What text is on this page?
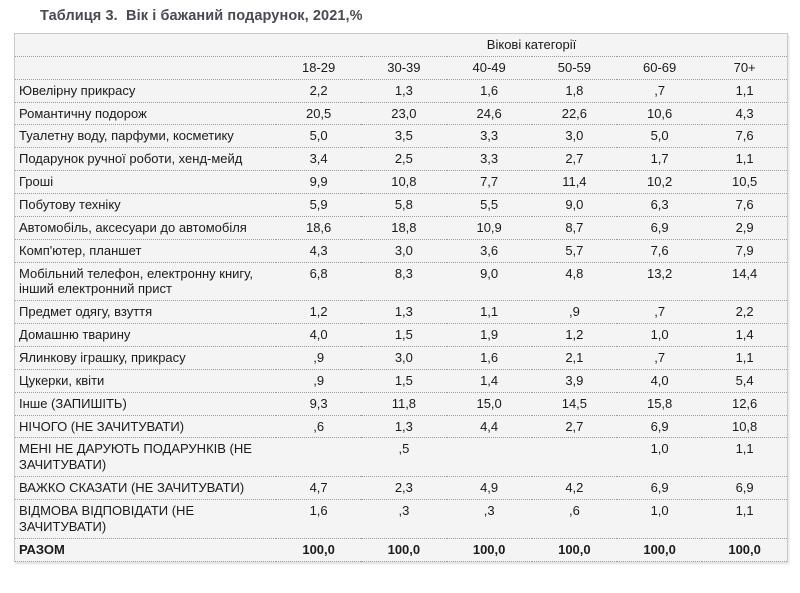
Таблиця 3.  Вік і бажаний подарунок, 2021,%
	Вікові категорії					
	18-29	30-39	40-49	50-59	60-69	70+
Ювелірну прикрасу	2,2	1,3	1,6	1,8	,7	1,1
Романтичну подорож	20,5	23,0	24,6	22,6	10,6	4,3
Туалетну воду, парфуми, косметику	5,0	3,5	3,3	3,0	5,0	7,6
Подарунок ручної роботи, хенд-мейд	3,4	2,5	3,3	2,7	1,7	1,1
Гроші	9,9	10,8	7,7	11,4	10,2	10,5
Побутову техніку	5,9	5,8	5,5	9,0	6,3	7,6
Автомобіль, аксесуари до автомобіля	18,6	18,8	10,9	8,7	6,9	2,9
Комп'ютер, планшет	4,3	3,0	3,6	5,7	7,6	7,9
Мобільний телефон, електронну книгу, інший електронний прист	6,8	8,3	9,0	4,8	13,2	14,4
Предмет одягу, взуття	1,2	1,3	1,1	,9	,7	2,2
Домашню тварину	4,0	1,5	1,9	1,2	1,0	1,4
Ялинкову іграшку, прикрасу	,9	3,0	1,6	2,1	,7	1,1
Цукерки, квіти	,9	1,5	1,4	3,9	4,0	5,4
Інше (ЗАПИШІТЬ)	9,3	11,8	15,0	14,5	15,8	12,6
НІЧОГО (НЕ ЗАЧИТУВАТИ)	,6	1,3	4,4	2,7	6,9	10,8
МЕНІ НЕ ДАРУЮТЬ ПОДАРУНКІВ (НЕ ЗАЧИТУВАТИ)		,5			1,0	1,1
ВАЖКО СКАЗАТИ (НЕ ЗАЧИТУВАТИ)	4,7	2,3	4,9	4,2	6,9	6,9
ВІДМОВА ВІДПОВІДАТИ (НЕ ЗАЧИТУВАТИ)	1,6	,3	,3	,6	1,0	1,1
РАЗОМ	100,0	100,0	100,0	100,0	100,0	100,0
